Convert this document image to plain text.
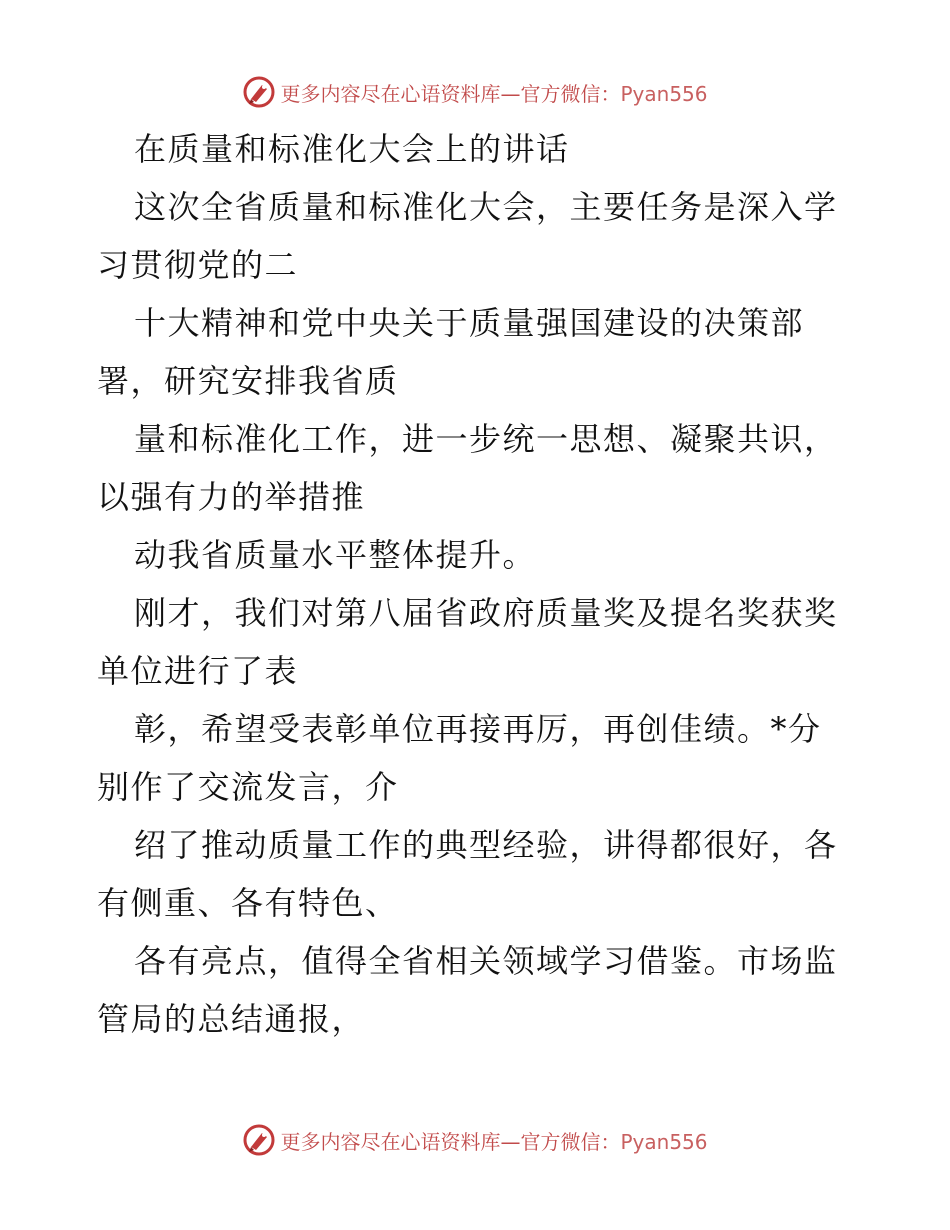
更多内容尽在心语资料库—官方微信：Pyan556
在质量和标准化大会上的讲话
这次全省质量和标准化大会，主要任务是深入学
习贯彻党的二
十大精神和党中央关于质量强国建设的决策部
署，研究安排我省质
量和标准化工作，进一步统一思想、凝聚共识，
以强有力的举措推
动我省质量水平整体提升。
刚才，我们对第八届省政府质量奖及提名奖获奖
单位进行了表
彰，希望受表彰单位再接再厉，再创佳绩。*分
别作了交流发言，介
绍了推动质量工作的典型经验，讲得都很好，各
有侧重、各有特色、
各有亮点，值得全省相关领域学习借鉴。市场监
管局的总结通报，
更多内容尽在心语资料库—官方微信：Pyan556
